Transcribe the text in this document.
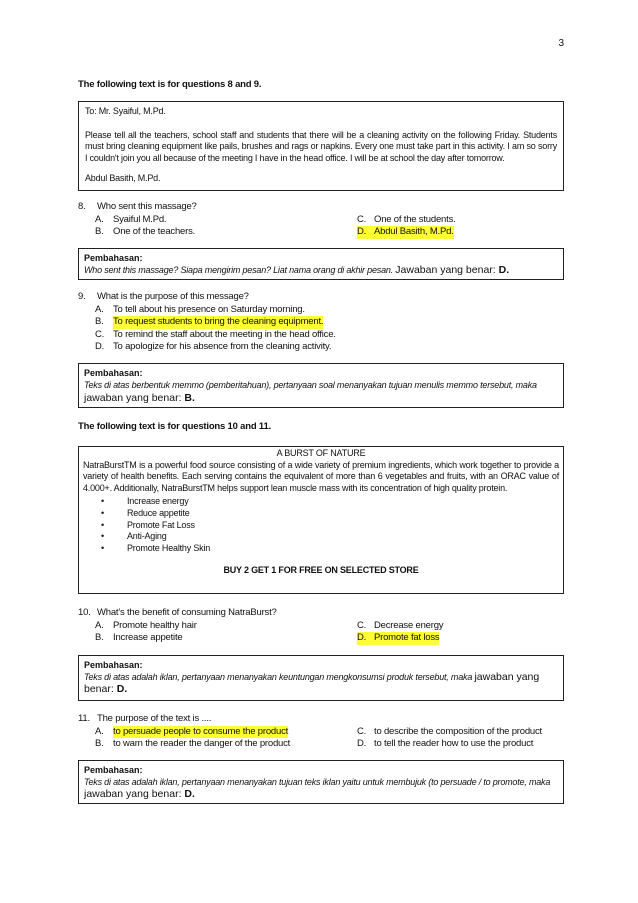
3
The following text is for questions 8 and 9.

To: Mr. Syaiful, M.Pd.

Please tell all the teachers, school staff and students that there will be a cleaning activity on the following Friday. Students must bring cleaning equipment like pails, brushes and rags or napkins. Every one must take part in this activity. I am so sorry I couldn't join you all because of the meeting I have in the head office. I will be at school the day after tomorrow.

Abdul Basith, M.Pd.

8.	Who sent this massage?
A. Syaiful M.Pd.	C. One of the students.
B. One of the teachers.	D. Abdul Basith, M.Pd.
Pembahasan:
Who sent this massage? Siapa mengirim pesan? Liat nama orang di akhir pesan. Jawaban yang benar: D.
9.	What is the purpose of this message?
A. To tell about his presence on Saturday morning.
B. To request students to bring the cleaning equipment.
C. To remind the staff about the meeting in the head office.
D. To apologize for his absence from the cleaning activity.
Pembahasan:
Teks di atas berbentuk memmo (pemberitahuan), pertanyaan soal menanyakan tujuan menulis memmo tersebut, maka
jawaban yang benar: B.
The following text is for questions 10 and 11.
A BURST OF NATURE
NatraBurstTM is a powerful food source consisting of a wide variety of premium ingredients, which work together to provide a variety of health benefits. Each serving contains the equivalent of more than 6 vegetables and fruits, with an ORAC value of 4.000+. Additionally, NatraBurstTM helps support lean muscle mass with its concentration of high quality protein.
• Increase energy
• Reduce appetite
• Promote Fat Loss
• Anti-Aging
• Promote Healthy Skin
BUY 2 GET 1 FOR FREE ON SELECTED STORE
10. What's the benefit of consuming NatraBurst?
A. Promote healthy hair	C. Decrease energy
B. Increase appetite	D. Promote fat loss
Pembahasan:
Teks di atas adalah iklan, pertanyaan menanyakan keuntungan mengkonsumsi produk tersebut, maka jawaban yang benar: D.
11. The purpose of the text is ....
A. to persuade people to consume the product	C. to describe the composition of the product
B. to warn the reader the danger of the product	D. to tell the reader how to use the product
Pembahasan:
Teks di atas adalah iklan, pertanyaan menanyakan tujuan teks iklan yaitu untuk membujuk (to persuade / to promote, maka jawaban yang benar: D.
